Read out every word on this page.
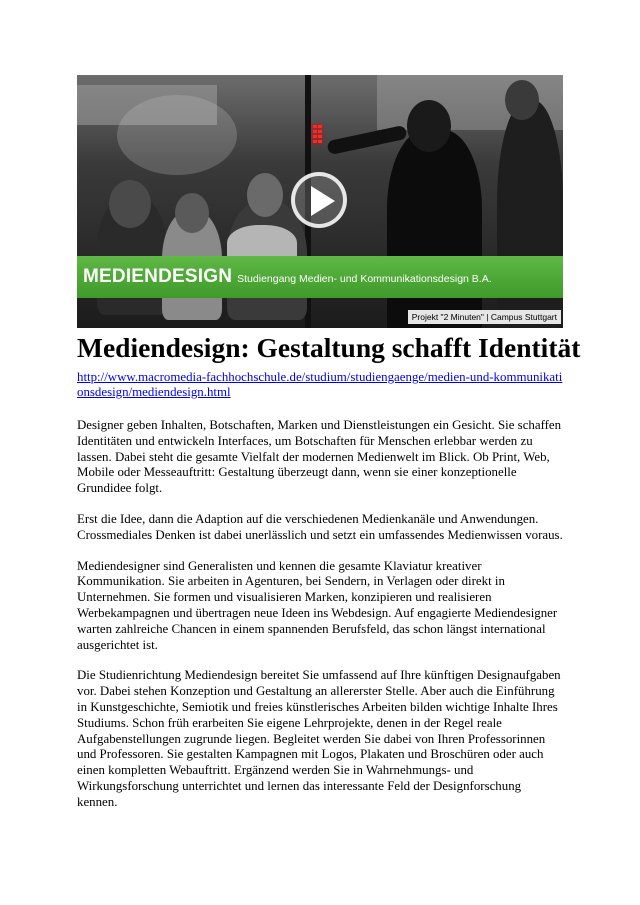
MEDIENDESIGN Studiengang Medien- und Kommunikationsdesign B.A.
Projekt "2 Minuten" | Campus Stuttgart
Mediendesign: Gestaltung schafft Identität
http://www.macromedia-fachhochschule.de/studium/studiengaenge/medien-und-kommunikationsdesign/mediendesign.html

Designer geben Inhalten, Botschaften, Marken und Dienstleistungen ein Gesicht. Sie schaffen Identitäten und entwickeln Interfaces, um Botschaften für Menschen erlebbar werden zu lassen. Dabei steht die gesamte Vielfalt der modernen Medienwelt im Blick. Ob Print, Web, Mobile oder Messeauftritt: Gestaltung überzeugt dann, wenn sie einer konzeptionelle Grundidee folgt.

Erst die Idee, dann die Adaption auf die verschiedenen Medienkanäle und Anwendungen. Crossmediales Denken ist dabei unerlässlich und setzt ein umfassendes Medienwissen voraus.

Mediendesigner sind Generalisten und kennen die gesamte Klaviatur kreativer Kommunikation. Sie arbeiten in Agenturen, bei Sendern, in Verlagen oder direkt in Unternehmen. Sie formen und visualisieren Marken, konzipieren und realisieren Werbekampagnen und übertragen neue Ideen ins Webdesign. Auf engagierte Mediendesigner warten zahlreiche Chancen in einem spannenden Berufsfeld, das schon längst international ausgerichtet ist.

Die Studienrichtung Mediendesign bereitet Sie umfassend auf Ihre künftigen Designaufgaben vor. Dabei stehen Konzeption und Gestaltung an allererster Stelle. Aber auch die Einführung in Kunstgeschichte, Semiotik und freies künstlerisches Arbeiten bilden wichtige Inhalte Ihres Studiums. Schon früh erarbeiten Sie eigene Lehrprojekte, denen in der Regel reale Aufgabenstellungen zugrunde liegen. Begleitet werden Sie dabei von Ihren Professorinnen und Professoren. Sie gestalten Kampagnen mit Logos, Plakaten und Broschüren oder auch einen kompletten Webauftritt. Ergänzend werden Sie in Wahrnehmungs- und Wirkungsforschung unterrichtet und lernen das interessante Feld der Designforschung kennen.
